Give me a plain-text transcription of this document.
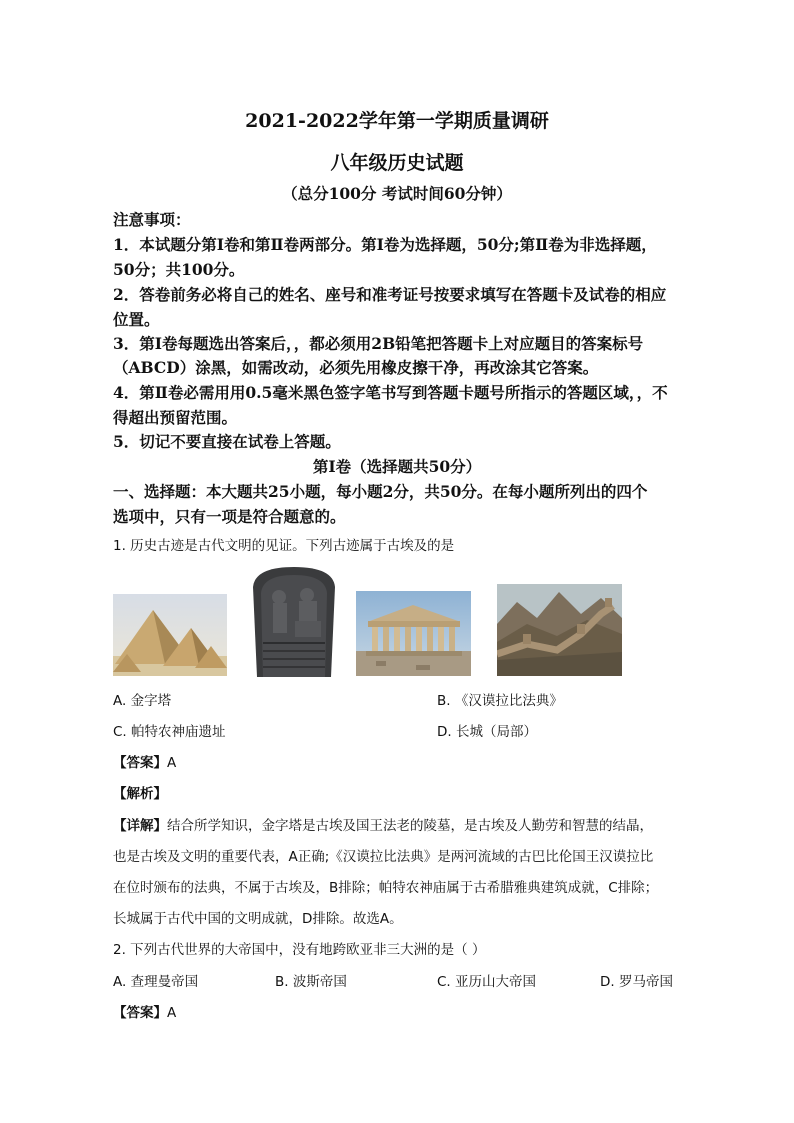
2021-2022学年第一学期质量调研
八年级历史试题
（总分100分 考试时间60分钟）
注意事项：
1．本试题分第Ⅰ卷和第Ⅱ卷两部分。第Ⅰ卷为选择题，50分;第Ⅱ卷为非选择题，
50分；共100分。
2．答卷前务必将自己的姓名、座号和准考证号按要求填写在答题卡及试卷的相应
位置。
3．第Ⅰ卷每题选出答案后，，都必须用2B铅笔把答题卡上对应题目的答案标号
（ABCD）涂黑，如需改动，必须先用橡皮擦干净，再改涂其它答案。
4．第Ⅱ卷必需用用0.5毫米黑色签字笔书写到答题卡题号所指示的答题区域，，不
得超出预留范围。
5．切记不要直接在试卷上答题。
第Ⅰ卷（选择题共50分）
一、选择题：本大题共25小题，每小题2分，共50分。在每小题所列出的四个
选项中，只有一项是符合题意的。
1. 历史古迹是古代文明的见证。下列古迹属于古埃及的是
A. 金字塔	B. 《汉谟拉比法典》
C. 帕特农神庙遗址	D. 长城（局部）
【答案】A
【解析】
【详解】结合所学知识，金字塔是古埃及国王法老的陵墓，是古埃及人勤劳和智慧的结晶，
也是古埃及文明的重要代表，A正确;《汉谟拉比法典》是两河流域的古巴比伦国王汉谟拉比
在位时颁布的法典，不属于古埃及，B排除；帕特农神庙属于古希腊雅典建筑成就，C排除；
长城属于古代中国的文明成就，D排除。故选A。
2. 下列古代世界的大帝国中，没有地跨欧亚非三大洲的是（ ）
A. 查理曼帝国	B. 波斯帝国	C. 亚历山大帝国	D. 罗马帝国
【答案】A
